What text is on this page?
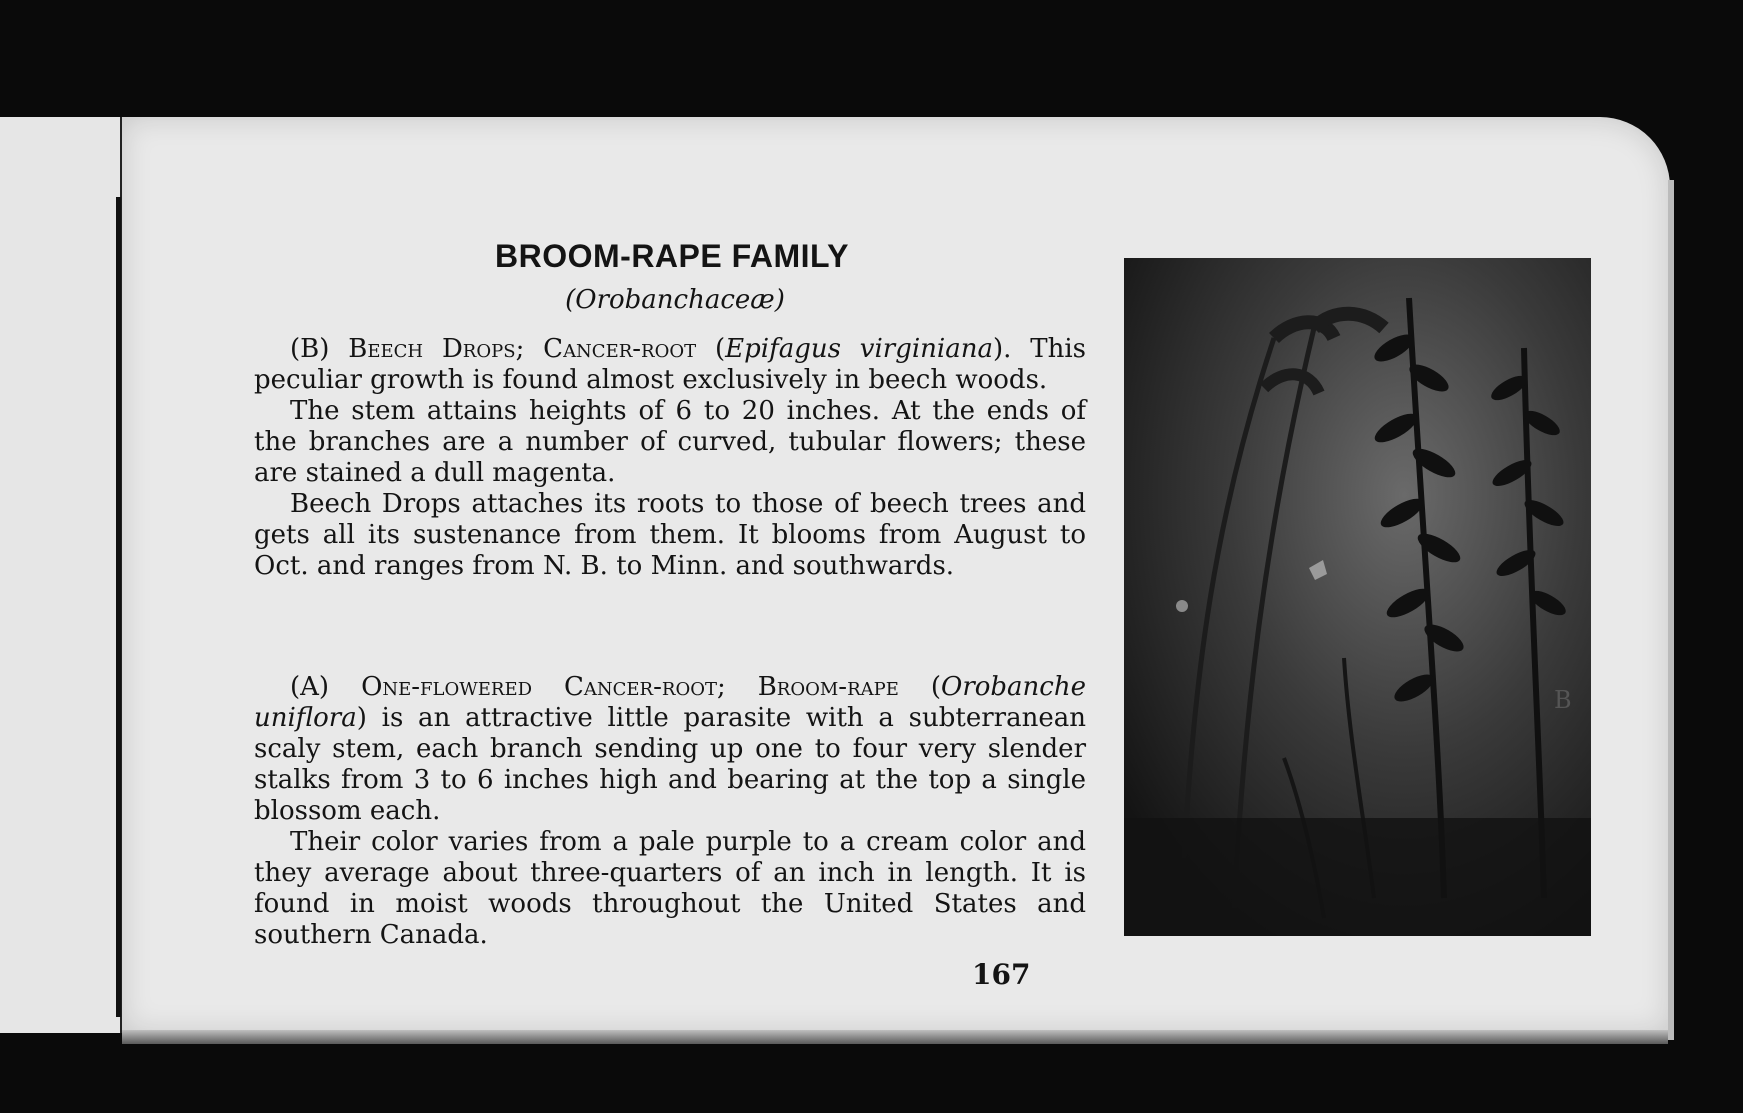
BROOM-RAPE FAMILY
(Orobanchaceæ)

(B) Beech Drops; Cancer-root (Epifagus virginiana). This peculiar growth is found almost exclusively in beech woods.

The stem attains heights of 6 to 20 inches. At the ends of the branches are a number of curved, tubular flowers; these are stained a dull magenta.

Beech Drops attaches its roots to those of beech trees and gets all its sustenance from them. It blooms from August to Oct. and ranges from N. B. to Minn. and southwards.

(A) One-flowered Cancer-root; Broom-rape (Orobanche uniflora) is an attractive little parasite with a subterranean scaly stem, each branch sending up one to four very slender stalks from 3 to 6 inches high and bearing at the top a single blossom each.

Their color varies from a pale purple to a cream color and they average about three-quarters of an inch in length. It is found in moist woods throughout the United States and southern Canada.

167
B
